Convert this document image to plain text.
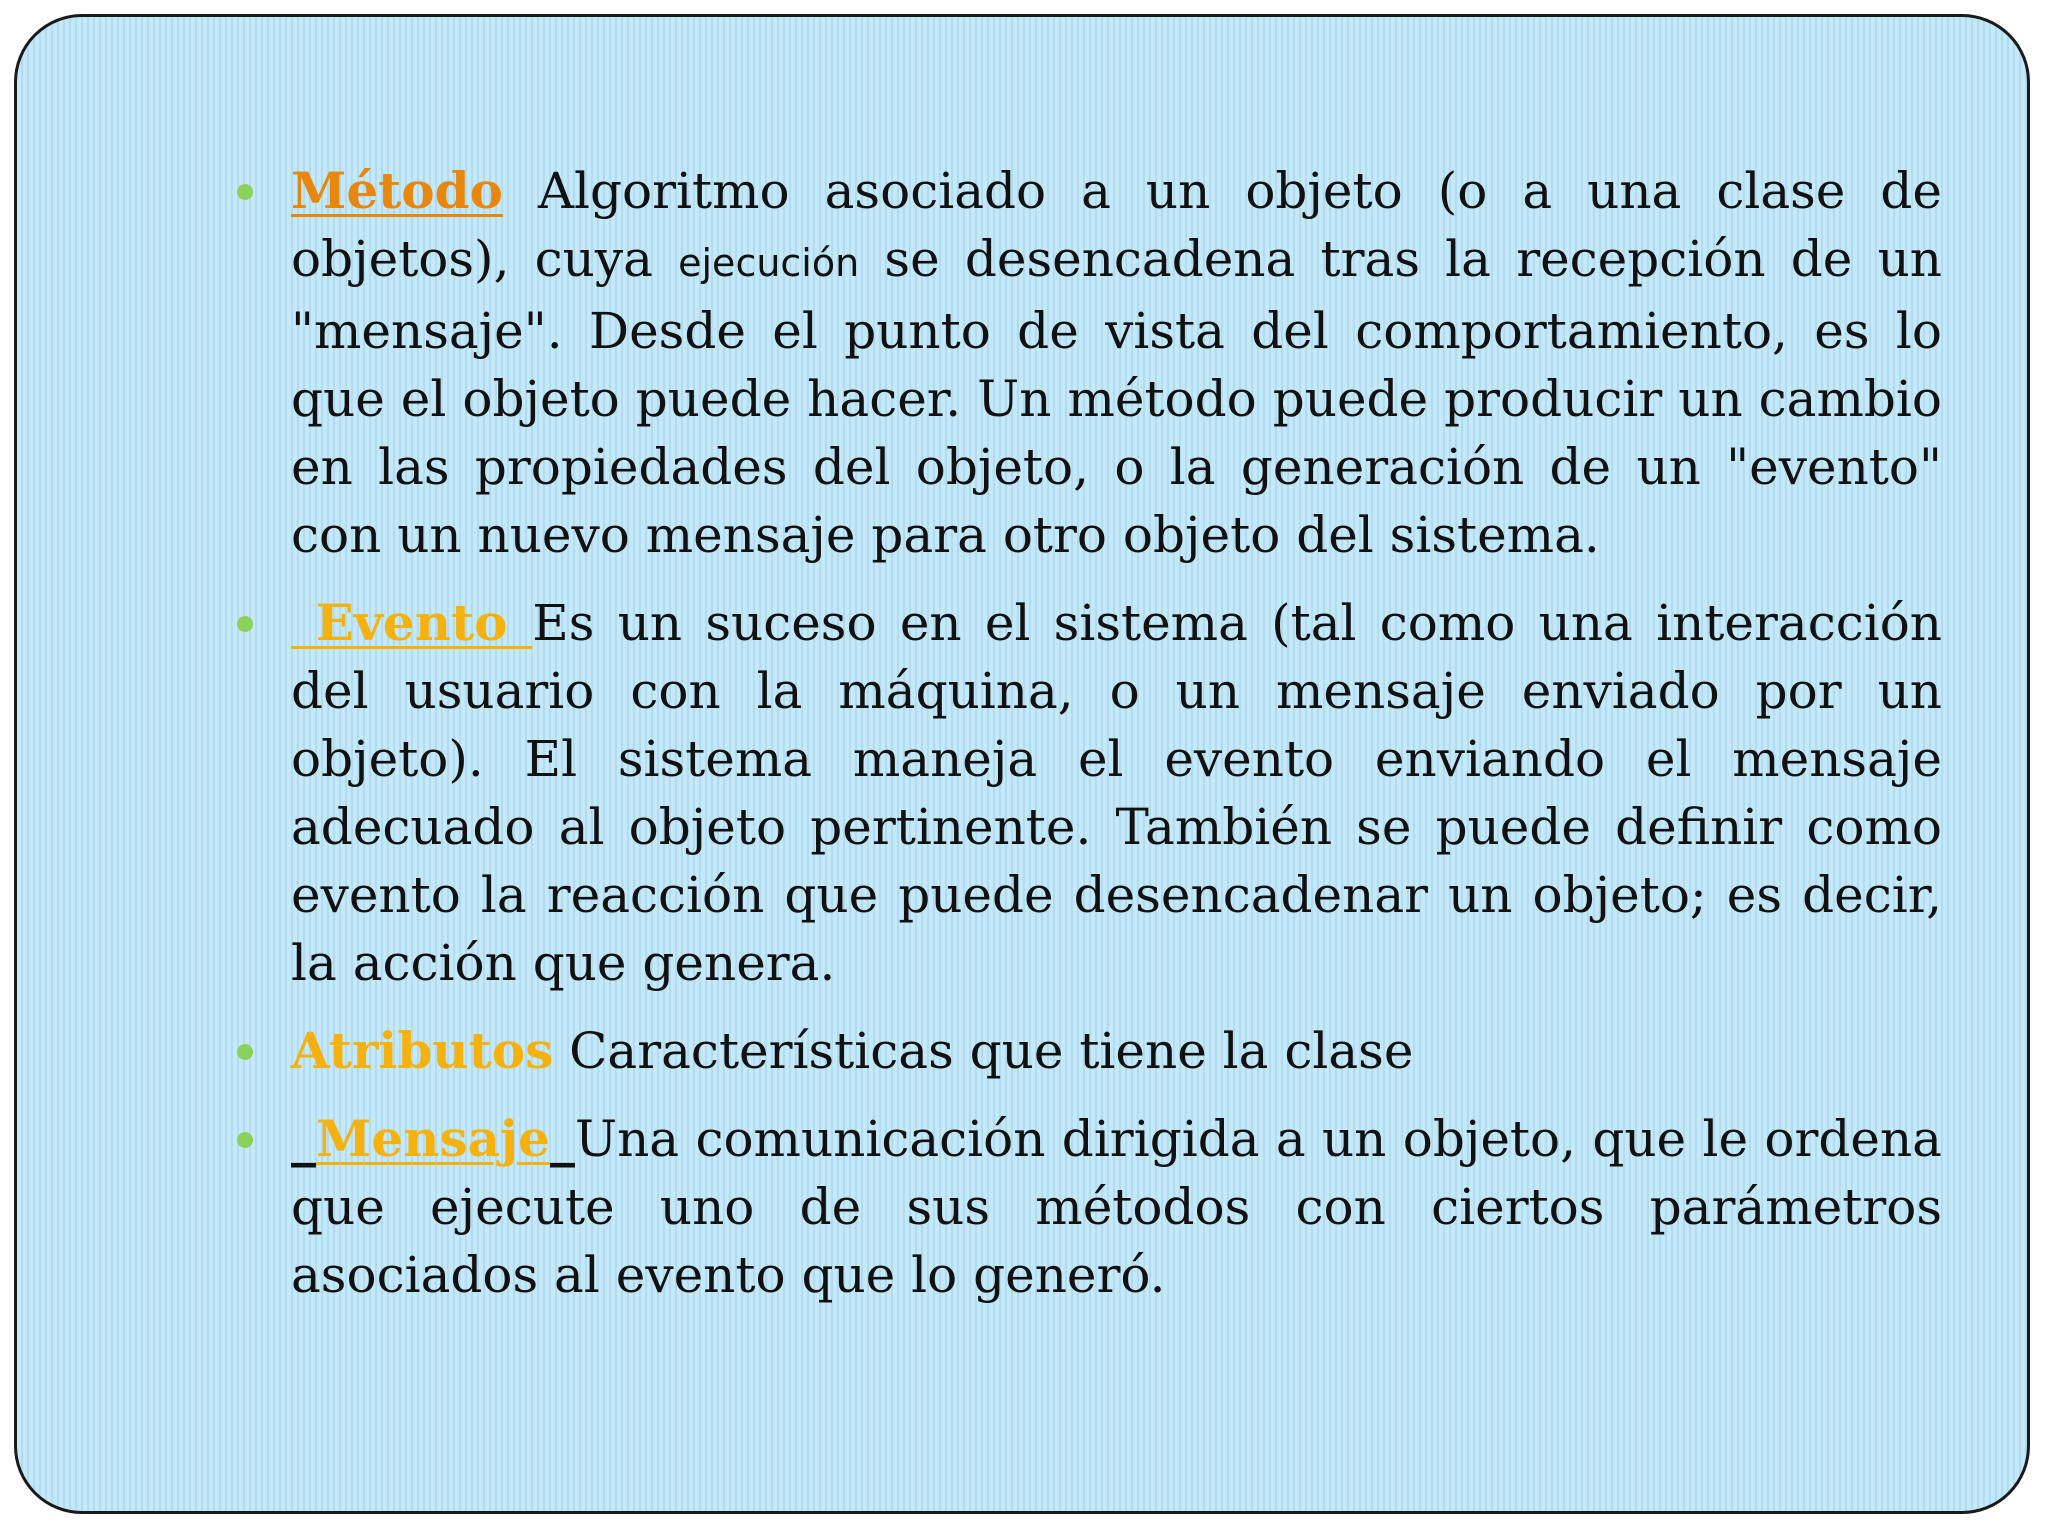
Método Algoritmo asociado a un objeto (o a una clase de objetos), cuya ejecución se desencadena tras la recepción de un "mensaje". Desde el punto de vista del comportamiento, es lo que el objeto puede hacer. Un método puede producir un cambio en las propiedades del objeto, o la generación de un "evento" con un nuevo mensaje para otro objeto del sistema.
Evento Es un suceso en el sistema (tal como una interacción del usuario con la máquina, o un mensaje enviado por un objeto). El sistema maneja el evento enviando el mensaje adecuado al objeto pertinente. También se puede definir como evento la reacción que puede desencadenar un objeto; es decir, la acción que genera.
Atributos Características que tiene la clase
_Mensaje_Una comunicación dirigida a un objeto, que le ordena que ejecute uno de sus métodos con ciertos parámetros asociados al evento que lo generó.
